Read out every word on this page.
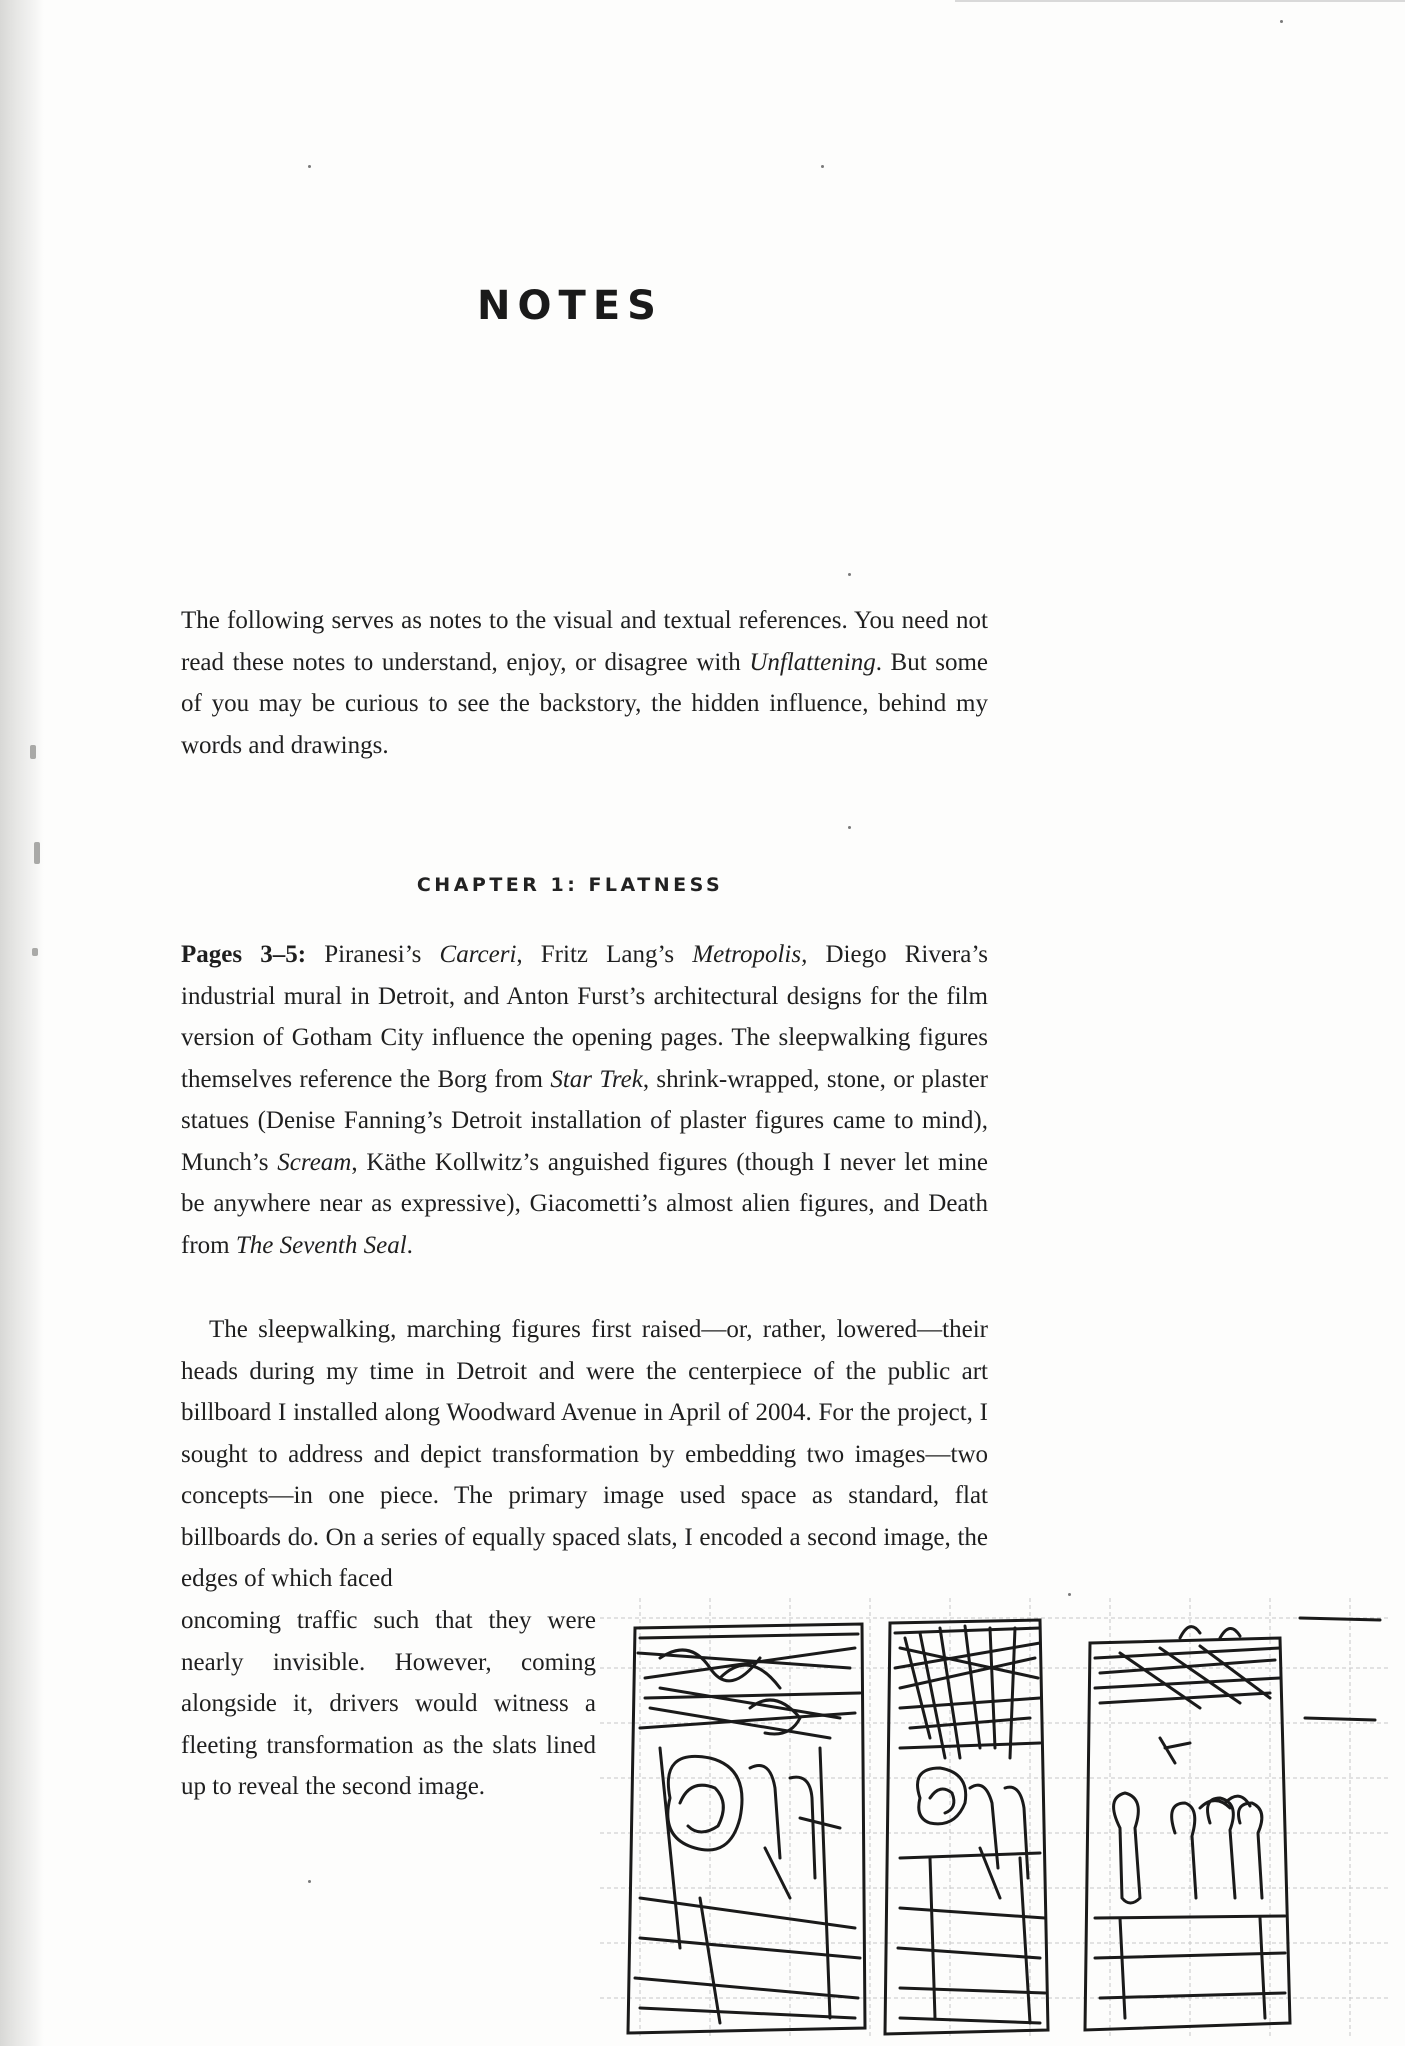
NOTES

The following serves as notes to the visual and textual references. You need not read these notes to understand, enjoy, or disagree with Unflattening. But some of you may be curious to see the backstory, the hidden influence, behind my words and drawings.

CHAPTER 1: FLATNESS

Pages 3–5: Piranesi’s Carceri, Fritz Lang’s Metropolis, Diego Rivera’s industrial mural in Detroit, and Anton Furst’s architectural designs for the film version of Gotham City influence the opening pages. The sleepwalking figures themselves reference the Borg from Star Trek, shrink-wrapped, stone, or plaster statues (Denise Fanning’s Detroit installation of plaster figures came to mind), Munch’s Scream, Käthe Kollwitz’s anguished figures (though I never let mine be anywhere near as expressive), Giacometti’s almost alien figures, and Death from The Seventh Seal.

The sleepwalking, marching figures first raised—or, rather, lowered—their heads during my time in Detroit and were the centerpiece of the public art billboard I installed along Woodward Avenue in April of 2004. For the project, I sought to address and depict transformation by embedding two images—two concepts—in one piece. The primary image used space as standard, flat billboards do. On a series of equally spaced slats, I encoded a second image, the edges of which faced

oncoming traffic such that they were nearly invisible. However, coming alongside it, drivers would witness a fleeting transformation as the slats lined up to reveal the second image.
